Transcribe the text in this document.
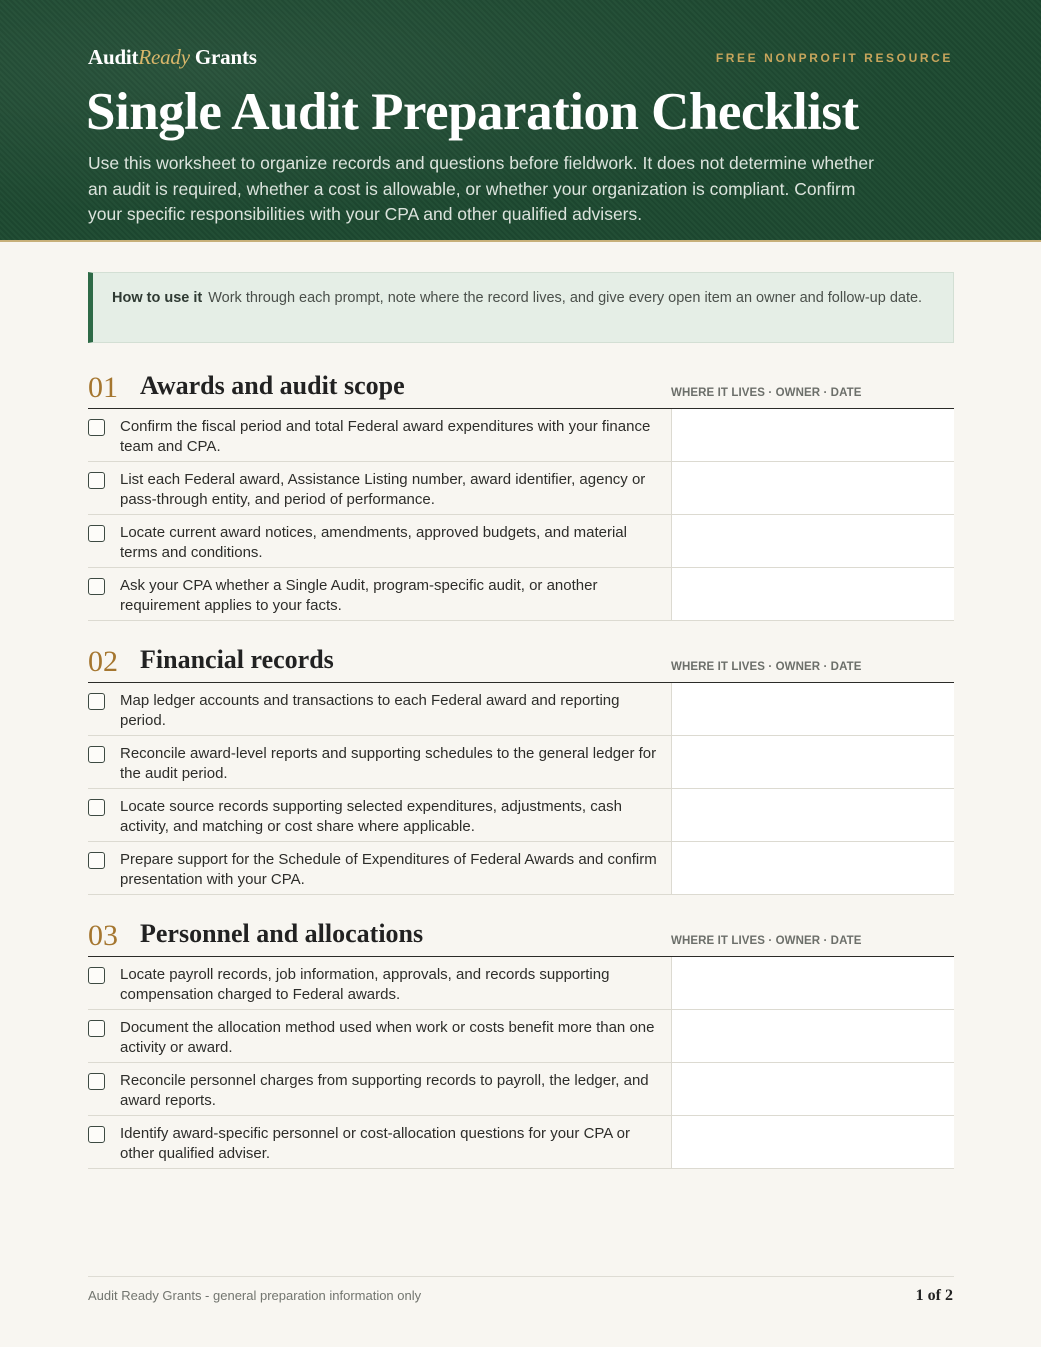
AuditReady Grants	FREE NONPROFIT RESOURCE
Single Audit Preparation Checklist

Use this worksheet to organize records and questions before fieldwork. It does not determine whether an audit is required, whether a cost is allowable, or whether your organization is compliant. Confirm your specific responsibilities with your CPA and other qualified advisers.

How to use it Work through each prompt, note where the record lives, and give every open item an owner and follow-up date.
01 Awards and audit scope	WHERE IT LIVES · OWNER · DATE
Confirm the fiscal period and total Federal award expenditures with your finance team and CPA.
List each Federal award, Assistance Listing number, award identifier, agency or pass-through entity, and period of performance.
Locate current award notices, amendments, approved budgets, and material terms and conditions.
Ask your CPA whether a Single Audit, program-specific audit, or another requirement applies to your facts.
02 Financial records	WHERE IT LIVES · OWNER · DATE
Map ledger accounts and transactions to each Federal award and reporting period.
Reconcile award-level reports and supporting schedules to the general ledger for the audit period.
Locate source records supporting selected expenditures, adjustments, cash activity, and matching or cost share where applicable.
Prepare support for the Schedule of Expenditures of Federal Awards and confirm presentation with your CPA.
03 Personnel and allocations	WHERE IT LIVES · OWNER · DATE
Locate payroll records, job information, approvals, and records supporting compensation charged to Federal awards.
Document the allocation method used when work or costs benefit more than one activity or award.
Reconcile personnel charges from supporting records to payroll, the ledger, and award reports.
Identify award-specific personnel or cost-allocation questions for your CPA or other qualified adviser.
Audit Ready Grants - general preparation information only	1 of 2
